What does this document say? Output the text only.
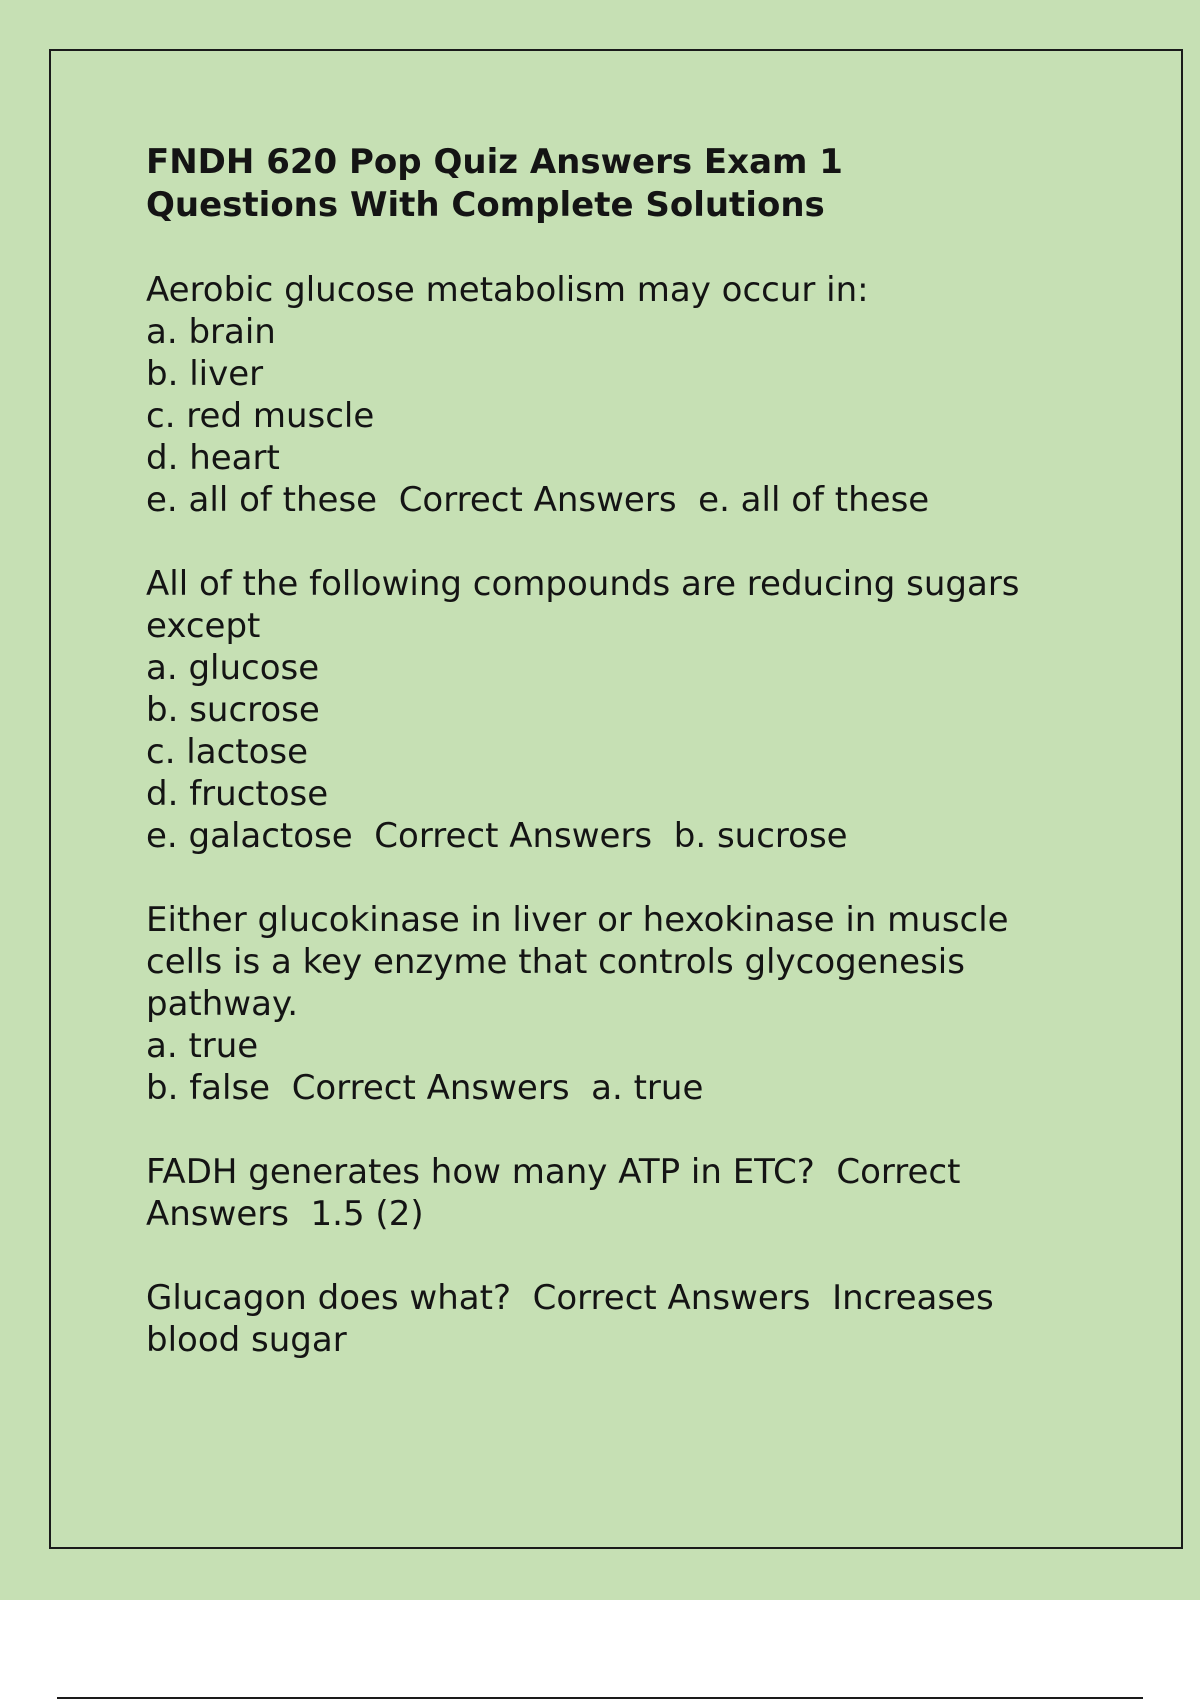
FNDH 620 Pop Quiz Answers Exam 1
Questions With Complete Solutions
Aerobic glucose metabolism may occur in:
a. brain
b. liver
c. red muscle
d. heart
e. all of these  Correct Answers  e. all of these
All of the following compounds are reducing sugars
except
a. glucose
b. sucrose
c. lactose
d. fructose
e. galactose  Correct Answers  b. sucrose
Either glucokinase in liver or hexokinase in muscle
cells is a key enzyme that controls glycogenesis
pathway.
a. true
b. false  Correct Answers  a. true
FADH generates how many ATP in ETC?  Correct
Answers  1.5 (2)
Glucagon does what?  Correct Answers  Increases
blood sugar
